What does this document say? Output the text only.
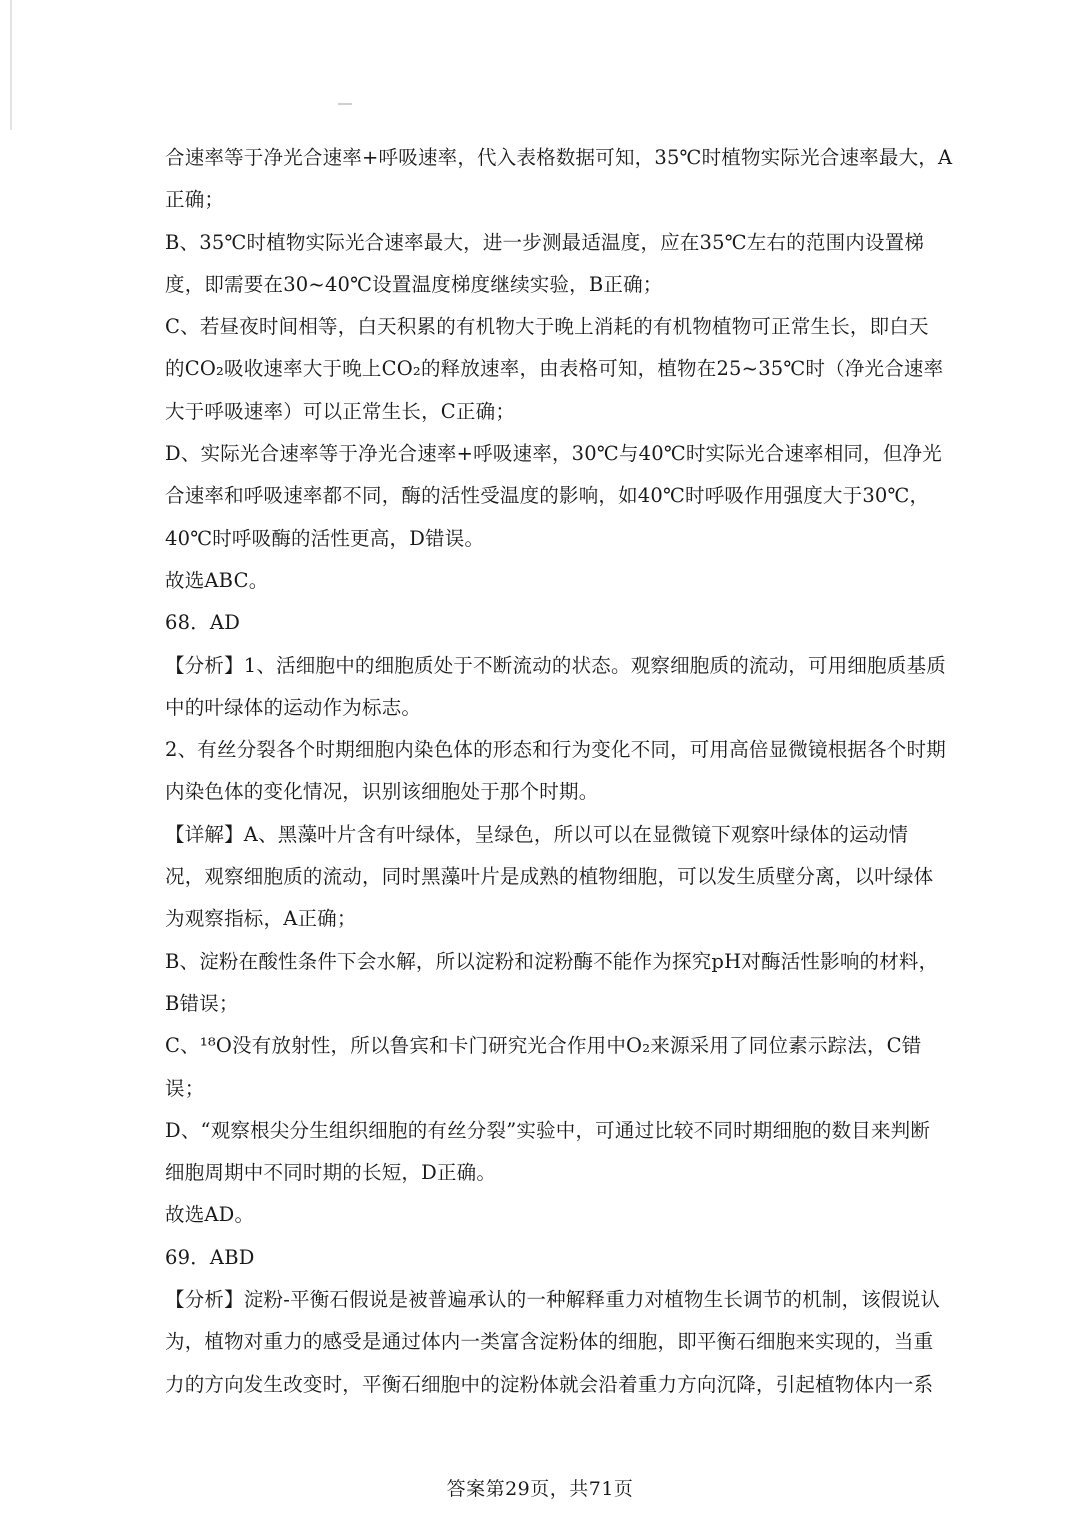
合速率等于净光合速率+呼吸速率，代入表格数据可知，35℃时植物实际光合速率最大，A
正确；
B、35℃时植物实际光合速率最大，进一步测最适温度，应在35℃左右的范围内设置梯
度，即需要在30~40℃设置温度梯度继续实验，B正确；
C、若昼夜时间相等，白天积累的有机物大于晚上消耗的有机物植物可正常生长，即白天
的CO₂吸收速率大于晚上CO₂的释放速率，由表格可知，植物在25~35℃时（净光合速率
大于呼吸速率）可以正常生长，C正确；
D、实际光合速率等于净光合速率+呼吸速率，30℃与40℃时实际光合速率相同，但净光
合速率和呼吸速率都不同，酶的活性受温度的影响，如40℃时呼吸作用强度大于30℃，
40℃时呼吸酶的活性更高，D错误。
故选ABC。
68．AD
【分析】1、活细胞中的细胞质处于不断流动的状态。观察细胞质的流动，可用细胞质基质
中的叶绿体的运动作为标志。
2、有丝分裂各个时期细胞内染色体的形态和行为变化不同，可用高倍显微镜根据各个时期
内染色体的变化情况，识别该细胞处于那个时期。
【详解】A、黑藻叶片含有叶绿体，呈绿色，所以可以在显微镜下观察叶绿体的运动情
况，观察细胞质的流动，同时黑藻叶片是成熟的植物细胞，可以发生质壁分离，以叶绿体
为观察指标，A正确；
B、淀粉在酸性条件下会水解，所以淀粉和淀粉酶不能作为探究pH对酶活性影响的材料，
B错误；
C、¹⁸O没有放射性，所以鲁宾和卡门研究光合作用中O₂来源采用了同位素示踪法，C错
误；
D、“观察根尖分生组织细胞的有丝分裂”实验中，可通过比较不同时期细胞的数目来判断
细胞周期中不同时期的长短，D正确。
故选AD。
69．ABD
【分析】淀粉-平衡石假说是被普遍承认的一种解释重力对植物生长调节的机制，该假说认
为，植物对重力的感受是通过体内一类富含淀粉体的细胞，即平衡石细胞来实现的，当重
力的方向发生改变时，平衡石细胞中的淀粉体就会沿着重力方向沉降，引起植物体内一系
答案第29页，共71页
